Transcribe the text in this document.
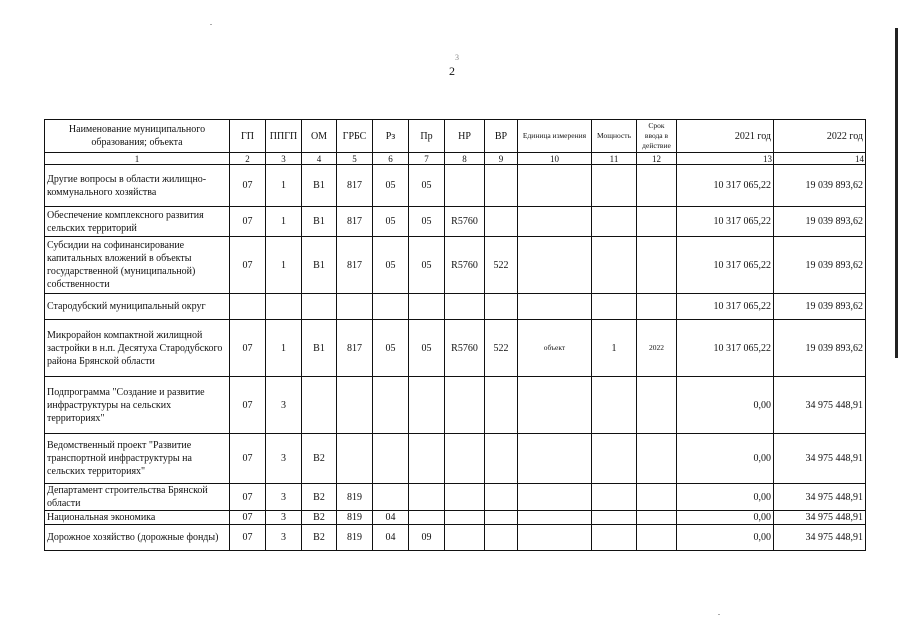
3
2
Наименование муниципального образования; объекта	ГП	ППГП	ОМ	ГРБС	Рз	Пр	НР	ВР	Единица измерения	Мощность	Срок ввода в действие	2021 год	2022 год
1	2	3	4	5	6	7	8	9	10	11	12	13	14
Другие вопросы в области жилищно-коммунального хозяйства	07	1	B1	817	05	05						10 317 065,22	19 039 893,62
Обеспечение комплексного развития сельских территорий	07	1	B1	817	05	05	R5760					10 317 065,22	19 039 893,62
Субсидии на софинансирование капитальных вложений в объекты государственной (муниципальной) собственности	07	1	B1	817	05	05	R5760	522				10 317 065,22	19 039 893,62
Стародубский муниципальный округ												10 317 065,22	19 039 893,62
Микрорайон компактной жилищной застройки в н.п. Десятуха Стародубского района Брянской области	07	1	B1	817	05	05	R5760	522	объект	1	2022	10 317 065,22	19 039 893,62
Подпрограмма "Создание и развитие инфраструктуры на сельских территориях"	07	3										0,00	34 975 448,91
Ведомственный проект "Развитие транспортной инфраструктуры на сельских территориях"	07	3	B2									0,00	34 975 448,91
Департамент строительства Брянской области	07	3	B2	819								0,00	34 975 448,91
Национальная экономика	07	3	B2	819	04							0,00	34 975 448,91
Дорожное хозяйство (дорожные фонды)	07	3	B2	819	04	09						0,00	34 975 448,91
